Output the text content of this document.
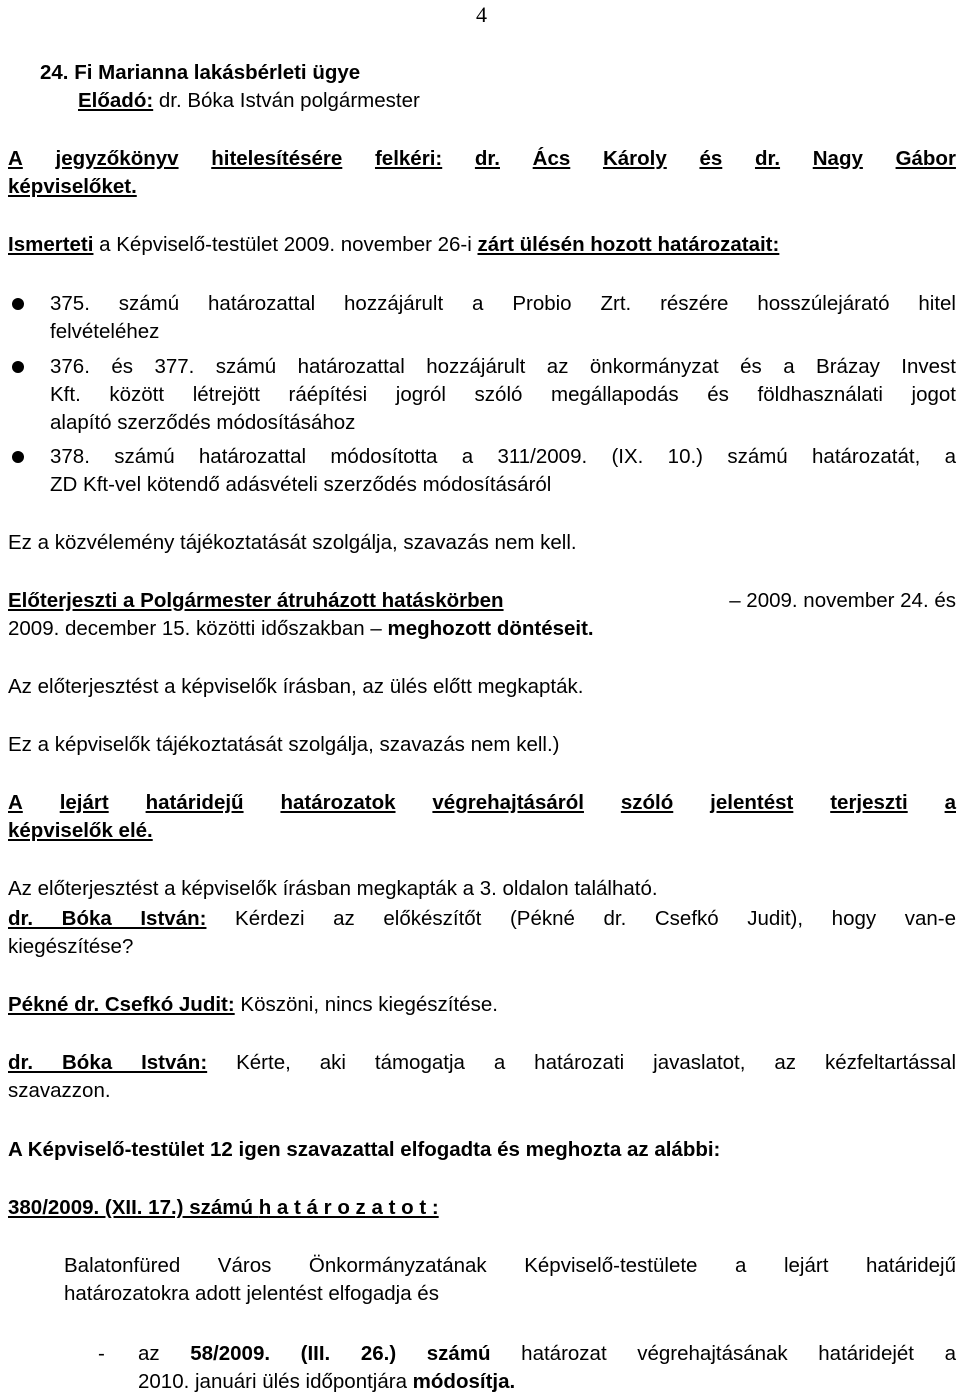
4
24. Fi Marianna lakásbérleti ügye
Előadó: dr. Bóka István polgármester
A jegyzőkönyv hitelesítésére felkéri: dr. Ács Károly és dr. Nagy Gábor
képviselőket.
Ismerteti a Képviselő-testület 2009. november 26-i zárt ülésén hozott határozatait:
375. számú határozattal hozzájárult a Probio Zrt. részére hosszúlejárató hitel
felvételéhez
376. és 377. számú határozattal hozzájárult az önkormányzat és a Brázay Invest
Kft. között létrejött ráépítési jogról szóló megállapodás és földhasználati jogot
alapító szerződés módosításához
378. számú határozattal módosította a 311/2009. (IX. 10.) számú határozatát, a
ZD Kft-vel kötendő adásvételi szerződés módosításáról
Ez a közvélemény tájékoztatását szolgálja, szavazás nem kell.
Előterjeszti a Polgármester átruházott hatáskörben	– 2009. november 24. és
2009. december 15. közötti időszakban – meghozott döntéseit.
Az előterjesztést a képviselők írásban, az ülés előtt megkapták.
Ez a képviselők tájékoztatását szolgálja, szavazás nem kell.)
A lejárt határidejű határozatok végrehajtásáról szóló jelentést terjeszti a
képviselők elé.
Az előterjesztést a képviselők írásban megkapták a 3. oldalon található.
dr. Bóka István: Kérdezi az előkészítőt (Pékné dr. Csefkó Judit), hogy van-e
kiegészítése?
Pékné dr. Csefkó Judit: Köszöni, nincs kiegészítése.
dr. Bóka István: Kérte, aki támogatja a határozati javaslatot, az kézfeltartással
szavazzon.
A Képviselő-testület 12 igen szavazattal elfogadta és meghozta az alábbi:
380/2009. (XII. 17.) számú h a t á r o z a t o t :
Balatonfüred Város Önkormányzatának Képviselő-testülete a lejárt határidejű
határozatokra adott jelentést elfogadja és
- az 58/2009. (III. 26.) számú határozat végrehajtásának határidejét a
2010. januári ülés időpontjára módosítja.
